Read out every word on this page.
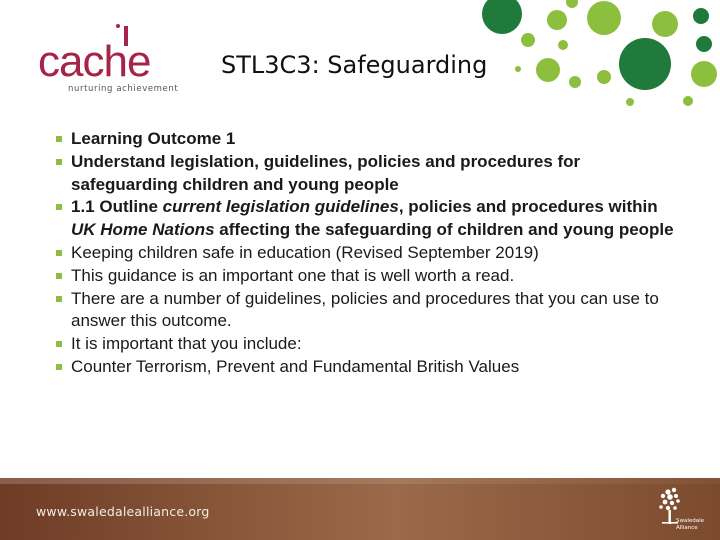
cache
nurturing achievement
STL3C3: Safeguarding
Learning Outcome 1
Understand legislation, guidelines, policies and procedures for safeguarding children and young people
1.1 Outline current legislation guidelines, policies and procedures within UK Home Nations affecting the safeguarding of children and young people
Keeping children safe in education (Revised September 2019)
This guidance is an important one that is well worth a read.
There are a number of guidelines, policies and procedures that you can use to answer this outcome.
It is important that you include:
Counter Terrorism, Prevent and Fundamental British Values
www.swaledalealliance.org
Swaledale
Alliance
